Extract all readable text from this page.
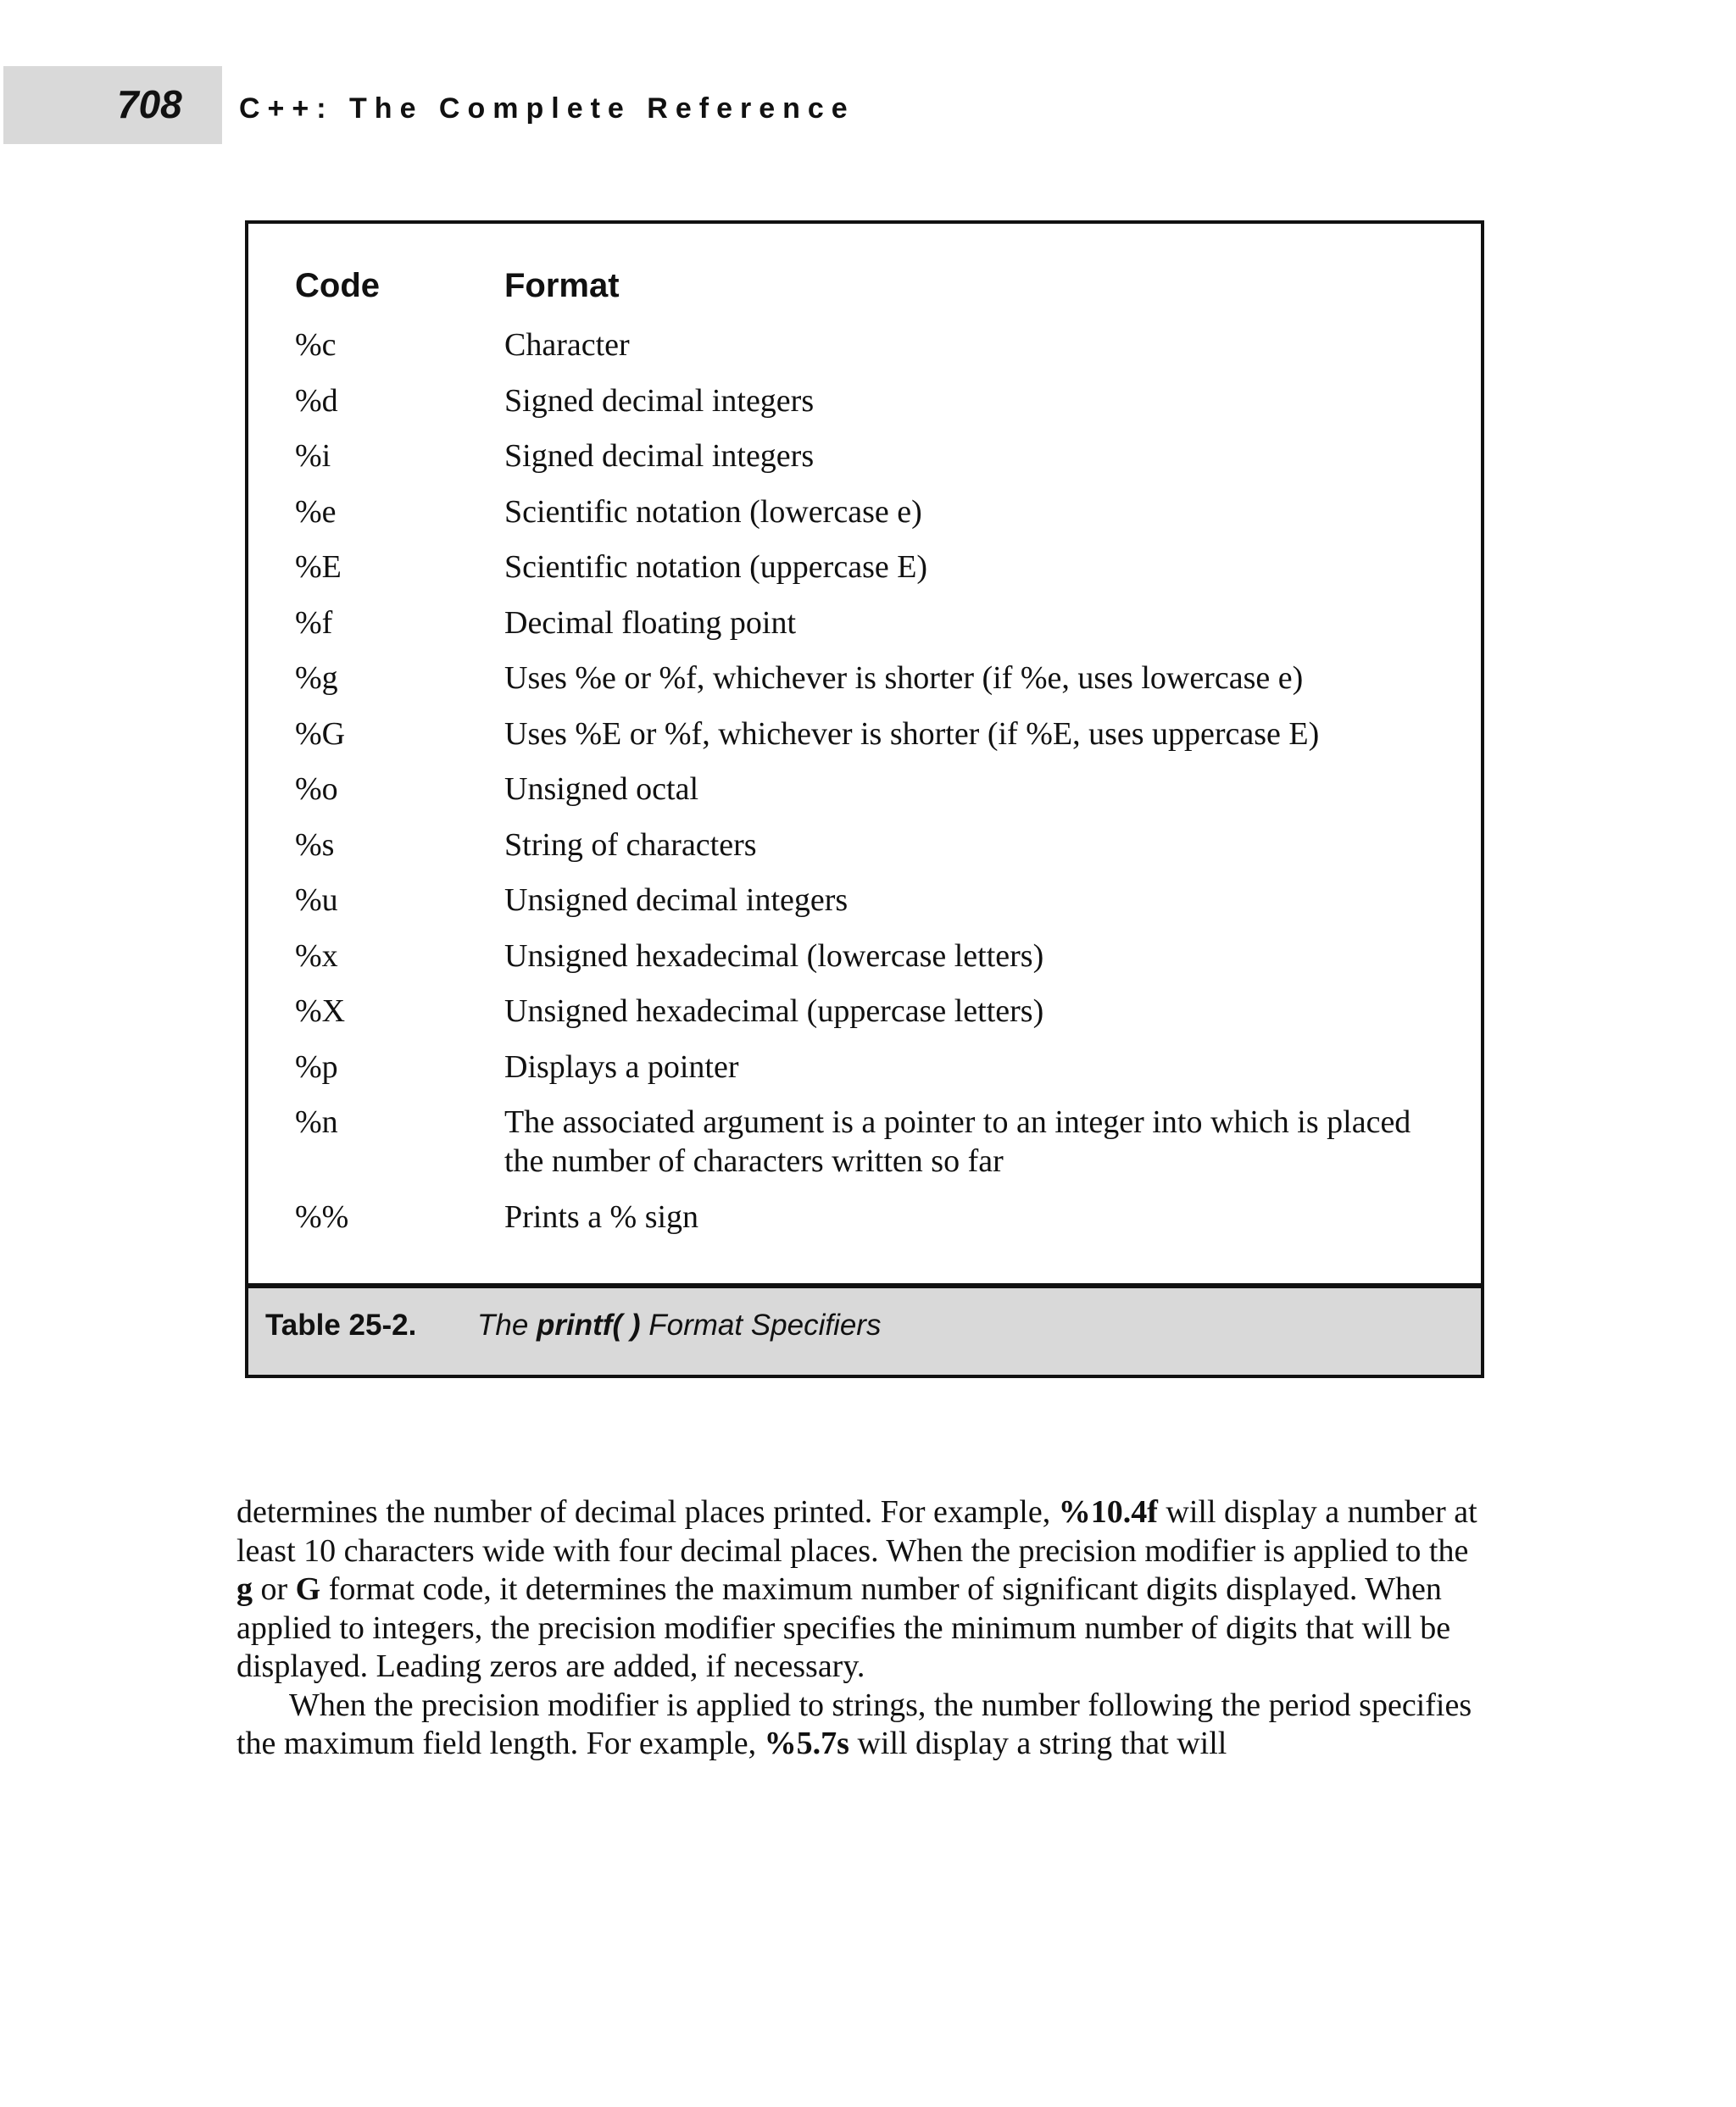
708 C++: The Complete Reference
Code	Format
%c	Character
%d	Signed decimal integers
%i	Signed decimal integers
%e	Scientific notation (lowercase e)
%E	Scientific notation (uppercase E)
%f	Decimal floating point
%g	Uses %e or %f, whichever is shorter (if %e, uses lowercase e)
%G	Uses %E or %f, whichever is shorter (if %E, uses uppercase E)
%o	Unsigned octal
%s	String of characters
%u	Unsigned decimal integers
%x	Unsigned hexadecimal (lowercase letters)
%X	Unsigned hexadecimal (uppercase letters)
%p	Displays a pointer
%n	The associated argument is a pointer to an integer into which is placed the number of characters written so far
%%	Prints a % sign
Table 25-2. The printf( ) Format Specifiers

determines the number of decimal places printed. For example, %10.4f will display a number at least 10 characters wide with four decimal places. When the precision modifier is applied to the g or G format code, it determines the maximum number of significant digits displayed. When applied to integers, the precision modifier specifies the minimum number of digits that will be displayed. Leading zeros are added, if necessary.

When the precision modifier is applied to strings, the number following the period specifies the maximum field length. For example, %5.7s will display a string that will
